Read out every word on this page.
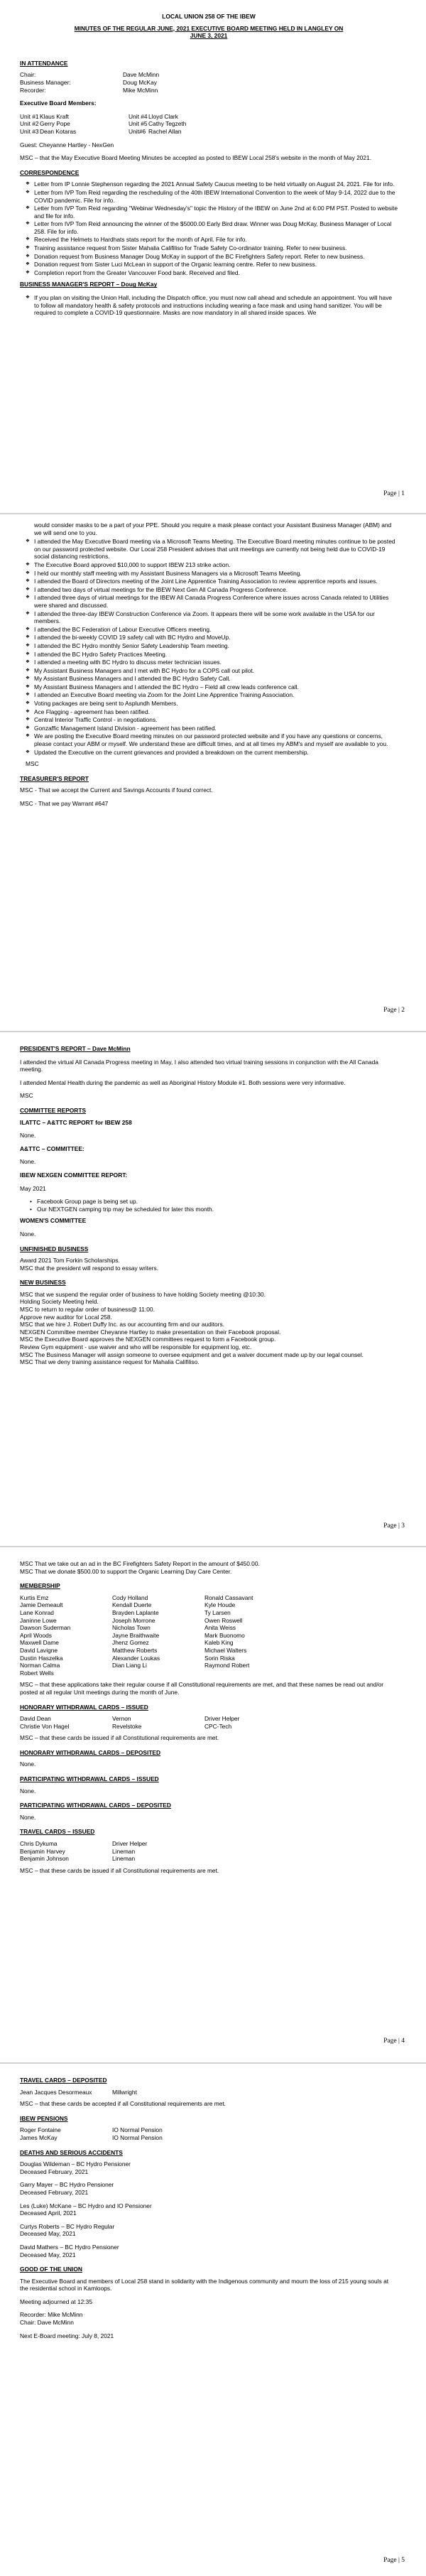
LOCAL UNION 258 OF THE IBEW

MINUTES OF THE REGULAR JUNE, 2021 EXECUTIVE BOARD MEETING HELD IN LANGLEY ON
JUNE 3, 2021

IN ATTENDANCE

Chair:	Dave McMinn
Business Manager:	Doug McKay
Recorder:	Mike McMinn

Executive Board Members:

Unit #1 Klaus Kraft	Unit #4 Lloyd Clark
Unit #2 Gerry Pope	Unit #5 Cathy Tegzeth
Unit #3 Dean Kotaras	Unit#6 Rachel Allan

Guest: Cheyanne Hartley - NexGen

MSC – that the May Executive Board Meeting Minutes be accepted as posted to IBEW Local 258's website in the month of May 2021.

CORRESPONDENCE

❖ Letter from IP Lonnie Stephenson regarding the 2021 Annual Safety Caucus meeting to be held virtually on August 24, 2021. File for info.
❖ Letter from IVP Tom Reid regarding the rescheduling of the 40th IBEW International Convention to the week of May 9-14, 2022 due to the COVID pandemic. File for info.
❖ Letter from IVP Tom Reid regarding "Webinar Wednesday's" topic the History of the IBEW on June 2nd at 6:00 PM PST. Posted to website and file for info.
❖ Letter from IVP Tom Reid announcing the winner of the $5000.00 Early Bird draw. Winner was Doug McKay, Business Manager of Local 258. File for info.
❖ Received the Helmets to Hardhats stats report for the month of April. File for info.
❖ Training assistance request from Sister Mahalia Califiliso for Trade Safety Co-ordinator training. Refer to new business.
❖ Donation request from Business Manager Doug McKay in support of the BC Firefighters Safety report. Refer to new business.
❖ Donation request from Sister Luci McLean in support of the Organic learning centre. Refer to new business.
❖ Completion report from the Greater Vancouver Food bank. Received and filed.

BUSINESS MANAGER'S REPORT – Doug McKay

❖ If you plan on visiting the Union Hall, including the Dispatch office, you must now call ahead and schedule an appointment. You will have to follow all mandatory health & safety protocols and instructions including wearing a face mask and using hand sanitizer. You will be required to complete a COVID-19 questionnaire. Masks are now mandatory in all shared inside spaces. We
Page | 1

would consider masks to be a part of your PPE. Should you require a mask please contact your Assistant Business Manager (ABM) and we will send one to you.

❖ I attended the May Executive Board meeting via a Microsoft Teams Meeting. The Executive Board meeting minutes continue to be posted on our password protected website. Our Local 258 President advises that unit meetings are currently not being held due to COVID-19 social distancing restrictions.
❖ The Executive Board approved $10,000 to support IBEW 213 strike action.
❖ I held our monthly staff meeting with my Assistant Business Managers via a Microsoft Teams Meeting.
❖ I attended the Board of Directors meeting of the Joint Line Apprentice Training Association to review apprentice reports and issues.
❖ I attended two days of virtual meetings for the IBEW Next Gen All Canada Progress Conference.
❖ I attended three days of virtual meetings for the IBEW All Canada Progress Conference where issues across Canada related to Utilities were shared and discussed.
❖ I attended the three-day IBEW Construction Conference via Zoom. It appears there will be some work available in the USA for our members.
❖ I attended the BC Federation of Labour Executive Officers meeting.
❖ I attended the bi-weekly COVID 19 safety call with BC Hydro and MoveUp.
❖ I attended the BC Hydro monthly Senior Safety Leadership Team meeting.
❖ I attended the BC Hydro Safety Practices Meeting.
❖ I attended a meeting with BC Hydro to discuss meter technician issues.
❖ My Assistant Business Managers and I met with BC Hydro for a COPS call out pilot.
❖ My Assistant Business Managers and I attended the BC Hydro Safety Call.
❖ My Assistant Business Managers and I attended the BC Hydro – Field all crew leads conference call.
❖ I attended an Executive Board meeting via Zoom for the Joint Line Apprentice Training Association.
❖ Voting packages are being sent to Asplundh Members.
❖ Ace Flagging - agreement has been ratified.
❖ Central Interior Traffic Control - in negotiations.
❖ Gonzaffic Management Island Division - agreement has been ratified.
❖ We are posting the Executive Board meeting minutes on our password protected website and if you have any questions or concerns, please contact your ABM or myself. We understand these are difficult times, and at all times my ABM's and myself are available to you.
❖ Updated the Executive on the current grievances and provided a breakdown on the current membership.

MSC

TREASURER'S REPORT

MSC - That we accept the Current and Savings Accounts if found correct.

MSC - That we pay Warrant #647

Page | 2

PRESIDENT'S REPORT – Dave McMinn

I attended the virtual All Canada Progress meeting in May, I also attended two virtual training sessions in conjunction with the All Canada meeting.

I attended Mental Health during the pandemic as well as Aboriginal History Module #1. Both sessions were very informative.

MSC

COMMITTEE REPORTS

ILATTC – A&TTC REPORT for IBEW 258

None.

A&TTC – COMMITTEE:

None.

IBEW NEXGEN COMMITTEE REPORT:

May 2021

• Facebook Group page is being set up.
• Our NEXTGEN camping trip may be scheduled for later this month.

WOMEN'S COMMITTEE

None.

UNFINISHED BUSINESS

Award 2021 Tom Forkin Scholarships.
MSC that the president will respond to essay writers.

NEW BUSINESS

MSC that we suspend the regular order of business to have holding Society meeting @10:30.
Holding Society Meeting held.
MSC to return to regular order of business@ 11:00.
Approve new auditor for Local 258.
MSC that we hire J. Robert Duffy Inc. as our accounting firm and our auditors.
NEXGEN Committee member Cheyanne Hartley to make presentation on their Facebook proposal.
MSC the Executive Board approves the NEXGEN committees request to form a Facebook group.
Review Gym equipment - use waiver and who will be responsible for equipment log, etc.
MSC The Business Manager will assign someone to oversee equipment and get a waiver document made up by our legal counsel.
MSC That we deny training assistance request for Mahalia Califiliso.
Page | 3

MSC That we take out an ad in the BC Firefighters Safety Report in the amount of $450.00.
MSC That we donate $500.00 to support the Organic Learning Day Care Center.

MEMBERSHIP

Kurtis Emz	Cody Holland	Ronald Cassavant
Jamie Demeault	Kendall Duerte	Kyle Houde
Lane Konrad	Brayden Laplante	Ty Larsen
Janinne Lowe	Joseph Morrone	Owen Roswell
Dawson Suderman	Nicholas Town	Anita Weiss
April Woods	Jayne Braithwaite	Mark Buonomo
Maxwell Dame	Jhenz Gomez	Kaleb King
David Lavigne	Matthew Roberts	Michael Walters
Dustin Haszelka	Alexander Loukas	Sorin Riska
Norman Calma	Dian Liang Li	Raymond Robert
Robert Wells

MSC – that these applications take their regular course if all Constitutional requirements are met, and that these names be read out and/or posted at all regular Unit meetings during the month of June.

HONORARY WITHDRAWAL CARDS – ISSUED

David Dean	Vernon	Driver Helper
Christie Von Hagel	Revelstoke	CPC-Tech

MSC – that these cards be issued if all Constitutional requirements are met.

HONORARY WITHDRAWAL CARDS – DEPOSITED

None.

PARTICIPATING WITHDRAWAL CARDS – ISSUED

None.

PARTICIPATING WITHDRAWAL CARDS – DEPOSITED

None.

TRAVEL CARDS – ISSUED

Chris Dykuma	Driver Helper
Benjamin Harvey	Lineman
Benjamin Johnson	Lineman

MSC – that these cards be issued if all Constitutional requirements are met.

Page | 4

TRAVEL CARDS – DEPOSITED

Jean Jacques Desormeaux	Millwright

MSC – that these cards be accepted if all Constitutional requirements are met.

IBEW PENSIONS

Roger Fontaine	IO Normal Pension
James McKay	IO Normal Pension

DEATHS AND SERIOUS ACCIDENTS

Douglas Wildeman – BC Hydro Pensioner
Deceased February, 2021

Garry Mayer – BC Hydro Pensioner
Deceased February, 2021

Les (Luke) McKane – BC Hydro and IO Pensioner
Deceased April, 2021

Curtys Roberts – BC Hydro Regular
Deceased May, 2021

David Mathers – BC Hydro Pensioner
Deceased May, 2021

GOOD OF THE UNION

The Executive Board and members of Local 258 stand in solidarity with the Indigenous community and mourn the loss of 215 young souls at the residential school in Kamloops.

Meeting adjourned at 12:35

Recorder: Mike McMinn
Chair: Dave McMinn

Next E-Board meeting: July 8, 2021

Page | 5
